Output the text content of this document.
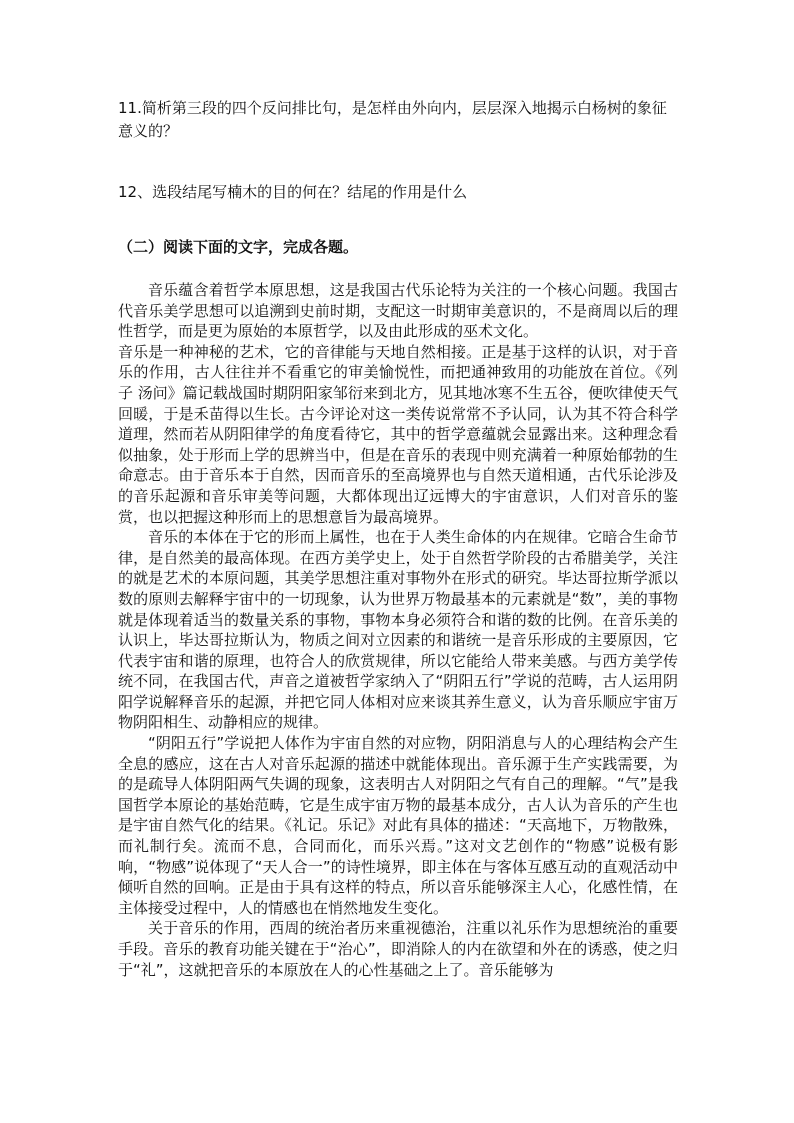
11.简析第三段的四个反问排比句，是怎样由外向内，层层深入地揭示白杨树的象征意义的？

12、选段结尾写楠木的目的何在？结尾的作用是什么

（二）阅读下面的文字，完成各题。

音乐蕴含着哲学本原思想，这是我国古代乐论特为关注的一个核心问题。我国古代音乐美学思想可以追溯到史前时期，支配这一时期审美意识的，不是商周以后的理性哲学，而是更为原始的本原哲学，以及由此形成的巫术文化。

音乐是一种神秘的艺术，它的音律能与天地自然相接。正是基于这样的认识，对于音乐的作用，古人往往并不看重它的审美愉悦性，而把通神致用的功能放在首位。《列子 汤问》篇记载战国时期阴阳家邹衍来到北方，见其地冰寒不生五谷，便吹律使天气回暖，于是禾苗得以生长。古今评论对这一类传说常常不予认同，认为其不符合科学道理，然而若从阴阳律学的角度看待它，其中的哲学意蕴就会显露出来。这种理念看似抽象，处于形而上学的思辨当中，但是在音乐的表现中则充满着一种原始郁勃的生命意志。由于音乐本于自然，因而音乐的至高境界也与自然天道相通，古代乐论涉及的音乐起源和音乐审美等问题，大都体现出辽远博大的宇宙意识，人们对音乐的鉴赏，也以把握这种形而上的思想意旨为最高境界。

音乐的本体在于它的形而上属性，也在于人类生命体的内在规律。它暗合生命节律，是自然美的最高体现。在西方美学史上，处于自然哲学阶段的古希腊美学，关注的就是艺术的本原问题，其美学思想注重对事物外在形式的研究。毕达哥拉斯学派以数的原则去解释宇宙中的一切现象，认为世界万物最基本的元素就是“数”，美的事物就是体现着适当的数量关系的事物，事物本身必须符合和谐的数的比例。在音乐美的认识上，毕达哥拉斯认为，物质之间对立因素的和谐统一是音乐形成的主要原因，它代表宇宙和谐的原理，也符合人的欣赏规律，所以它能给人带来美感。与西方美学传统不同，在我国古代，声音之道被哲学家纳入了“阴阳五行”学说的范畴，古人运用阴阳学说解释音乐的起源，并把它同人体相对应来谈其养生意义，认为音乐顺应宇宙万物阴阳相生、动静相应的规律。

“阴阳五行”学说把人体作为宇宙自然的对应物，阴阳消息与人的心理结构会产生全息的感应，这在古人对音乐起源的描述中就能体现出。音乐源于生产实践需要，为的是疏导人体阴阳两气失调的现象，这表明古人对阴阳之气有自己的理解。“气”是我国哲学本原论的基始范畴，它是生成宇宙万物的最基本成分，古人认为音乐的产生也是宇宙自然气化的结果。《礼记。乐记》对此有具体的描述：“天高地下，万物散殊，而礼制行矣。流而不息，合同而化，而乐兴焉。”这对文艺创作的“物感”说极有影响，“物感”说体现了“天人合一”的诗性境界，即主体在与客体互感互动的直观活动中倾听自然的回响。正是由于具有这样的特点，所以音乐能够深主人心，化感性情，在主体接受过程中，人的情感也在悄然地发生变化。

关于音乐的作用，西周的统治者历来重视德治，注重以礼乐作为思想统治的重要手段。音乐的教育功能关键在于“治心”，即消除人的内在欲望和外在的诱惑，使之归于“礼”，这就把音乐的本原放在人的心性基础之上了。音乐能够为
